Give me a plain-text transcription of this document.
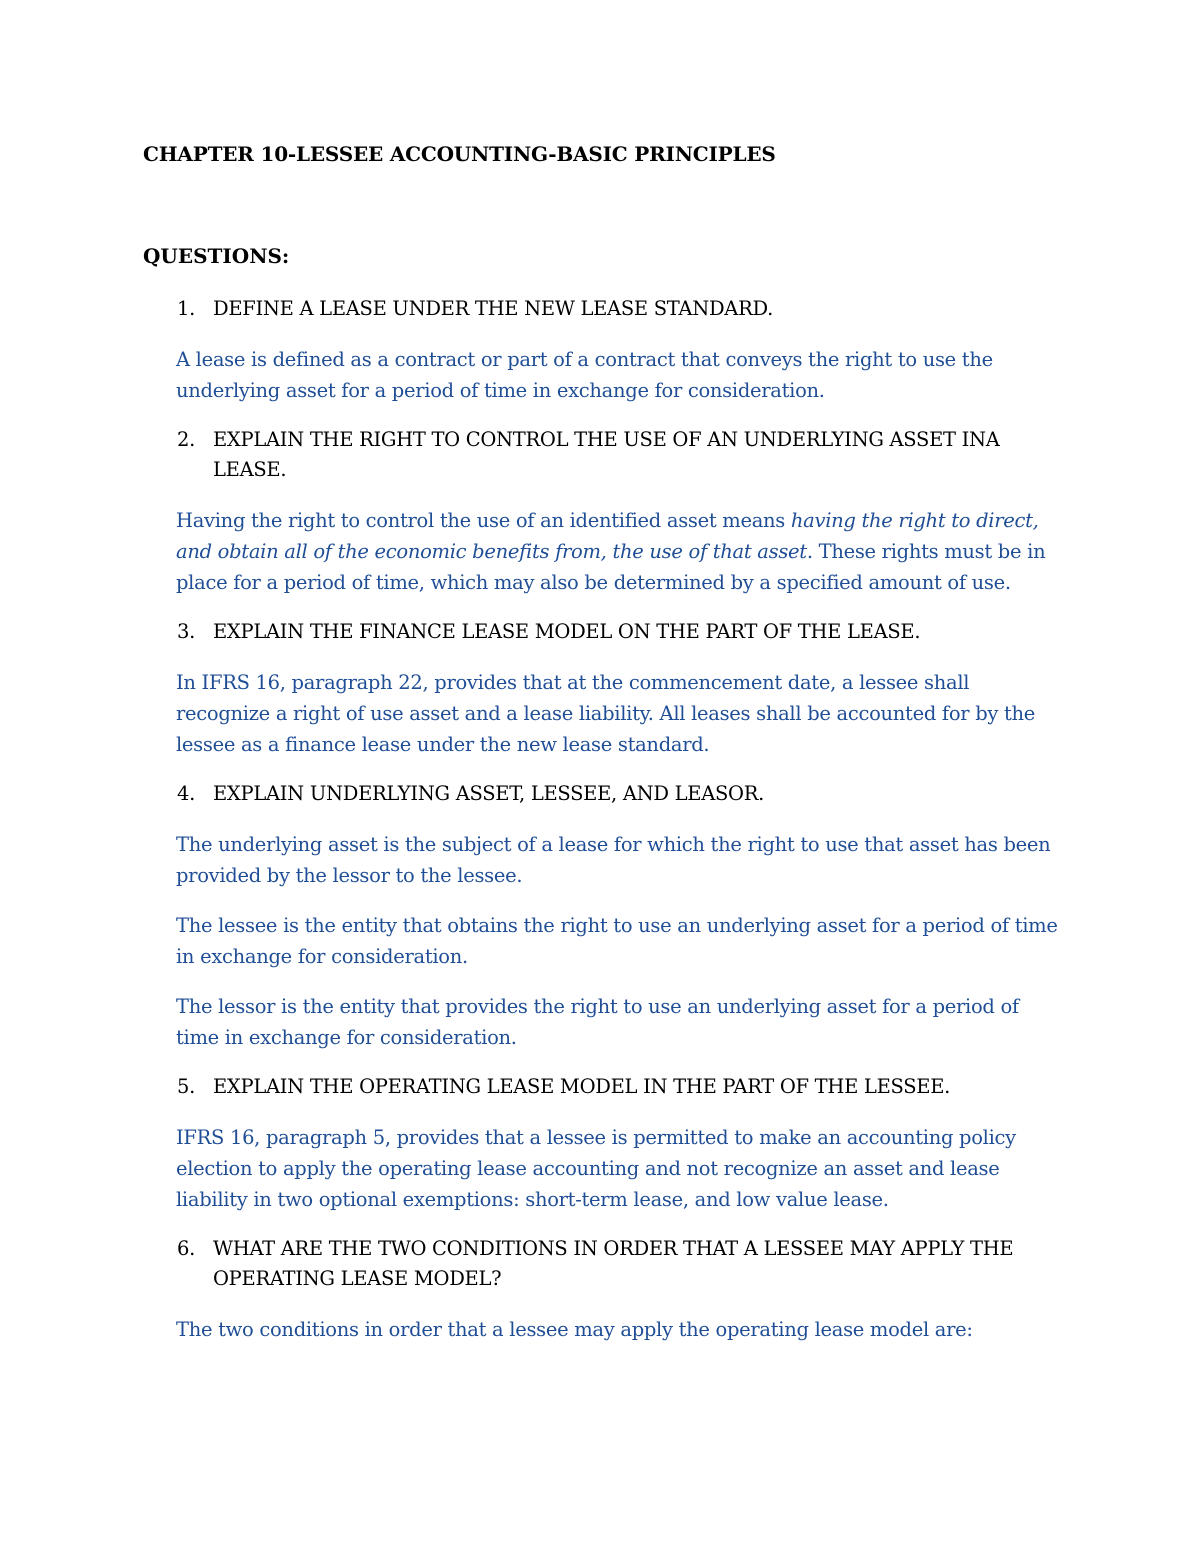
CHAPTER 10-LESSEE ACCOUNTING-BASIC PRINCIPLES
QUESTIONS:
1. DEFINE A LEASE UNDER THE NEW LEASE STANDARD.
A lease is defined as a contract or part of a contract that conveys the right to use the underlying asset for a period of time in exchange for consideration.
2. EXPLAIN THE RIGHT TO CONTROL THE USE OF AN UNDERLYING ASSET INA LEASE.
Having the right to control the use of an identified asset means having the right to direct, and obtain all of the economic benefits from, the use of that asset. These rights must be in place for a period of time, which may also be determined by a specified amount of use.
3. EXPLAIN THE FINANCE LEASE MODEL ON THE PART OF THE LEASE.
In IFRS 16, paragraph 22, provides that at the commencement date, a lessee shall recognize a right of use asset and a lease liability. All leases shall be accounted for by the lessee as a finance lease under the new lease standard.
4. EXPLAIN UNDERLYING ASSET, LESSEE, AND LEASOR.
The underlying asset is the subject of a lease for which the right to use that asset has been provided by the lessor to the lessee.
The lessee is the entity that obtains the right to use an underlying asset for a period of time in exchange for consideration.
The lessor is the entity that provides the right to use an underlying asset for a period of time in exchange for consideration.
5. EXPLAIN THE OPERATING LEASE MODEL IN THE PART OF THE LESSEE.
IFRS 16, paragraph 5, provides that a lessee is permitted to make an accounting policy election to apply the operating lease accounting and not recognize an asset and lease liability in two optional exemptions: short-term lease, and low value lease.
6. WHAT ARE THE TWO CONDITIONS IN ORDER THAT A LESSEE MAY APPLY THE OPERATING LEASE MODEL?
The two conditions in order that a lessee may apply the operating lease model are:
